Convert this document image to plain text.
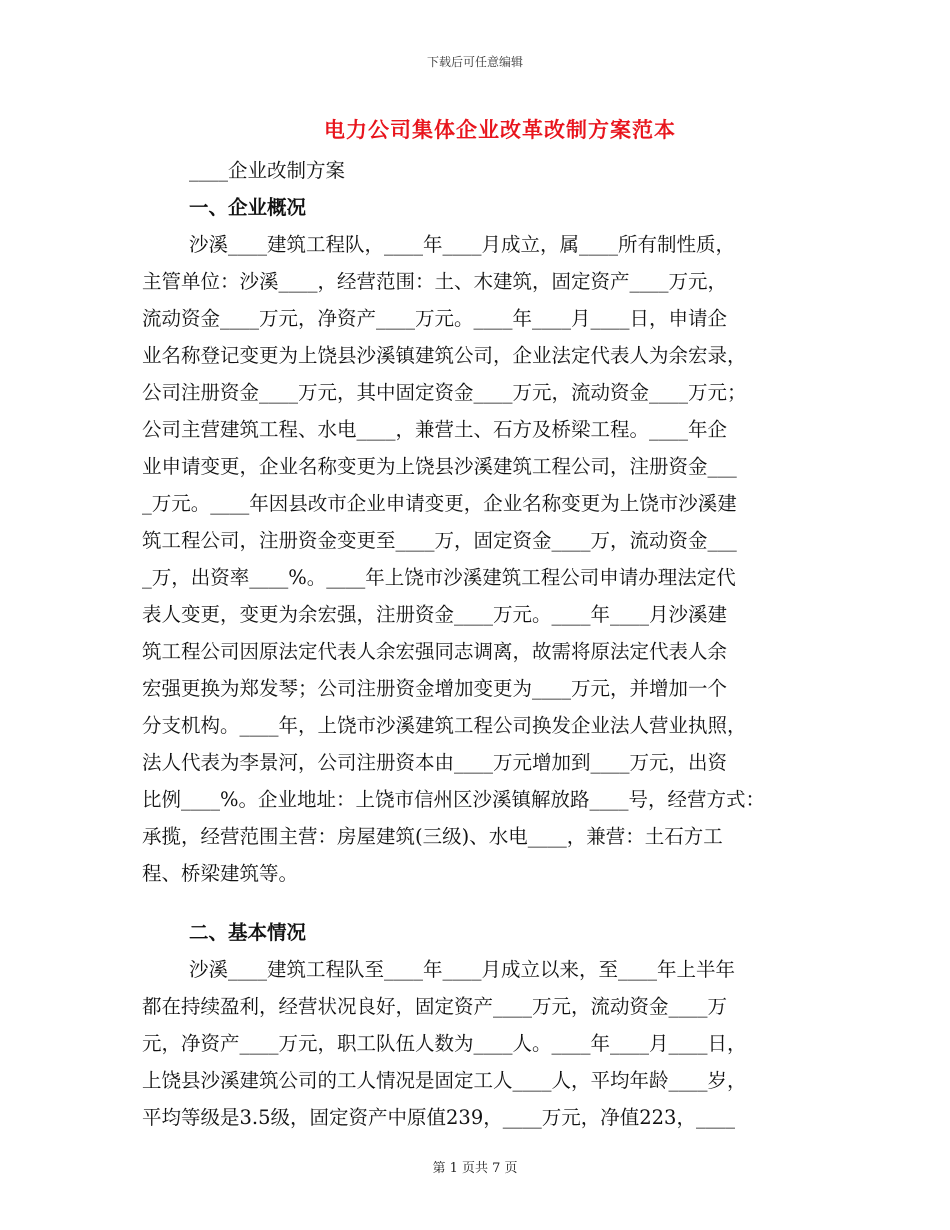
下载后可任意编辑
电力公司集体企业改革改制方案范本
____企业改制方案
一、企业概况
沙溪____建筑工程队，____年____月成立，属____所有制性质，
主管单位：沙溪____，经营范围：土、木建筑，固定资产____万元，
流动资金____万元，净资产____万元。____年____月____日，申请企
业名称登记变更为上饶县沙溪镇建筑公司，企业法定代表人为余宏录，
公司注册资金____万元，其中固定资金____万元，流动资金____万元；
公司主营建筑工程、水电____，兼营土、石方及桥梁工程。____年企
业申请变更，企业名称变更为上饶县沙溪建筑工程公司，注册资金___
_万元。____年因县改市企业申请变更，企业名称变更为上饶市沙溪建
筑工程公司，注册资金变更至____万，固定资金____万，流动资金___
_万，出资率____%。____年上饶市沙溪建筑工程公司申请办理法定代
表人变更，变更为余宏强，注册资金____万元。____年____月沙溪建
筑工程公司因原法定代表人余宏强同志调离，故需将原法定代表人余
宏强更换为郑发琴；公司注册资金增加变更为____万元，并增加一个
分支机构。____年，上饶市沙溪建筑工程公司换发企业法人营业执照，
法人代表为李景河，公司注册资本由____万元增加到____万元，出资
比例____%。企业地址：上饶市信州区沙溪镇解放路____号，经营方式：
承揽，经营范围主营：房屋建筑(三级)、水电____，兼营：土石方工
程、桥梁建筑等。
二、基本情况
沙溪____建筑工程队至____年____月成立以来，至____年上半年
都在持续盈利，经营状况良好，固定资产____万元，流动资金____万
元，净资产____万元，职工队伍人数为____人。____年____月____日，
上饶县沙溪建筑公司的工人情况是固定工人____人，平均年龄____岁，
平均等级是3.5级，固定资产中原值239，____万元，净值223，____
第 1 页共 7 页
